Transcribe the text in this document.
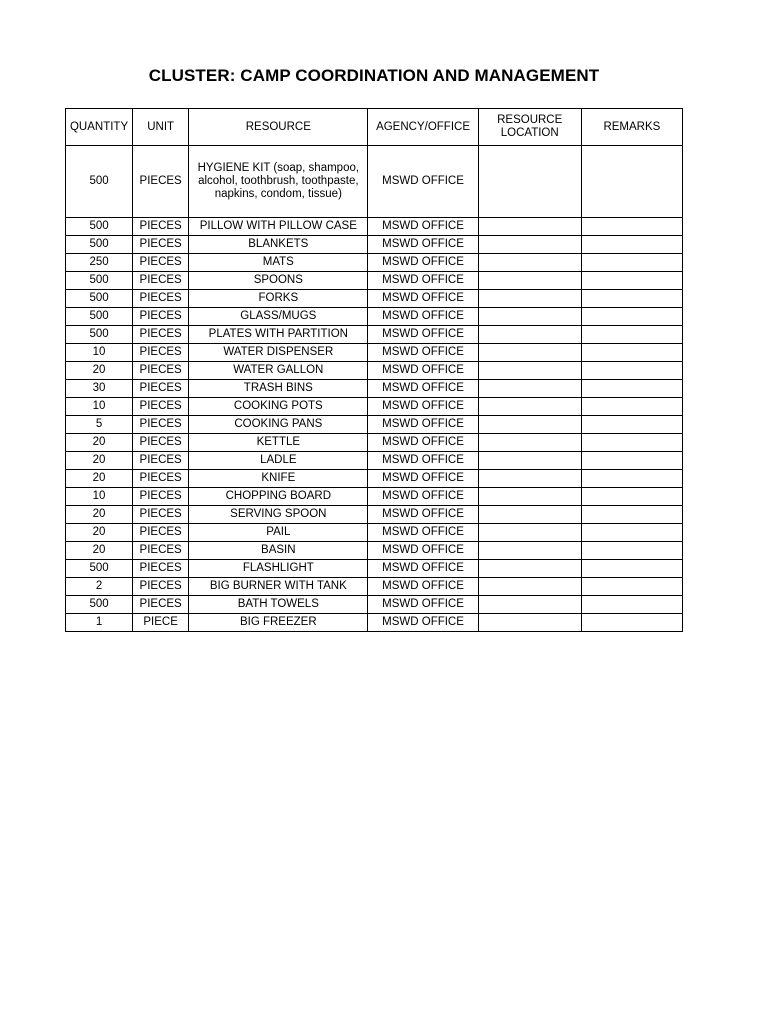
CLUSTER: CAMP COORDINATION AND MANAGEMENT
QUANTITY	UNIT	RESOURCE	AGENCY/OFFICE	RESOURCE LOCATION	REMARKS
500	PIECES	HYGIENE KIT (soap, shampoo, alcohol, toothbrush, toothpaste, napkins, condom, tissue)	MSWD OFFICE		
500	PIECES	PILLOW WITH PILLOW CASE	MSWD OFFICE		
500	PIECES	BLANKETS	MSWD OFFICE		
250	PIECES	MATS	MSWD OFFICE		
500	PIECES	SPOONS	MSWD OFFICE		
500	PIECES	FORKS	MSWD OFFICE		
500	PIECES	GLASS/MUGS	MSWD OFFICE		
500	PIECES	PLATES WITH PARTITION	MSWD OFFICE		
10	PIECES	WATER DISPENSER	MSWD OFFICE		
20	PIECES	WATER GALLON	MSWD OFFICE		
30	PIECES	TRASH BINS	MSWD OFFICE		
10	PIECES	COOKING POTS	MSWD OFFICE		
5	PIECES	COOKING PANS	MSWD OFFICE		
20	PIECES	KETTLE	MSWD OFFICE		
20	PIECES	LADLE	MSWD OFFICE		
20	PIECES	KNIFE	MSWD OFFICE		
10	PIECES	CHOPPING BOARD	MSWD OFFICE		
20	PIECES	SERVING SPOON	MSWD OFFICE		
20	PIECES	PAIL	MSWD OFFICE		
20	PIECES	BASIN	MSWD OFFICE		
500	PIECES	FLASHLIGHT	MSWD OFFICE		
2	PIECES	BIG BURNER WITH TANK	MSWD OFFICE		
500	PIECES	BATH TOWELS	MSWD OFFICE		
1	PIECE	BIG FREEZER	MSWD OFFICE		
